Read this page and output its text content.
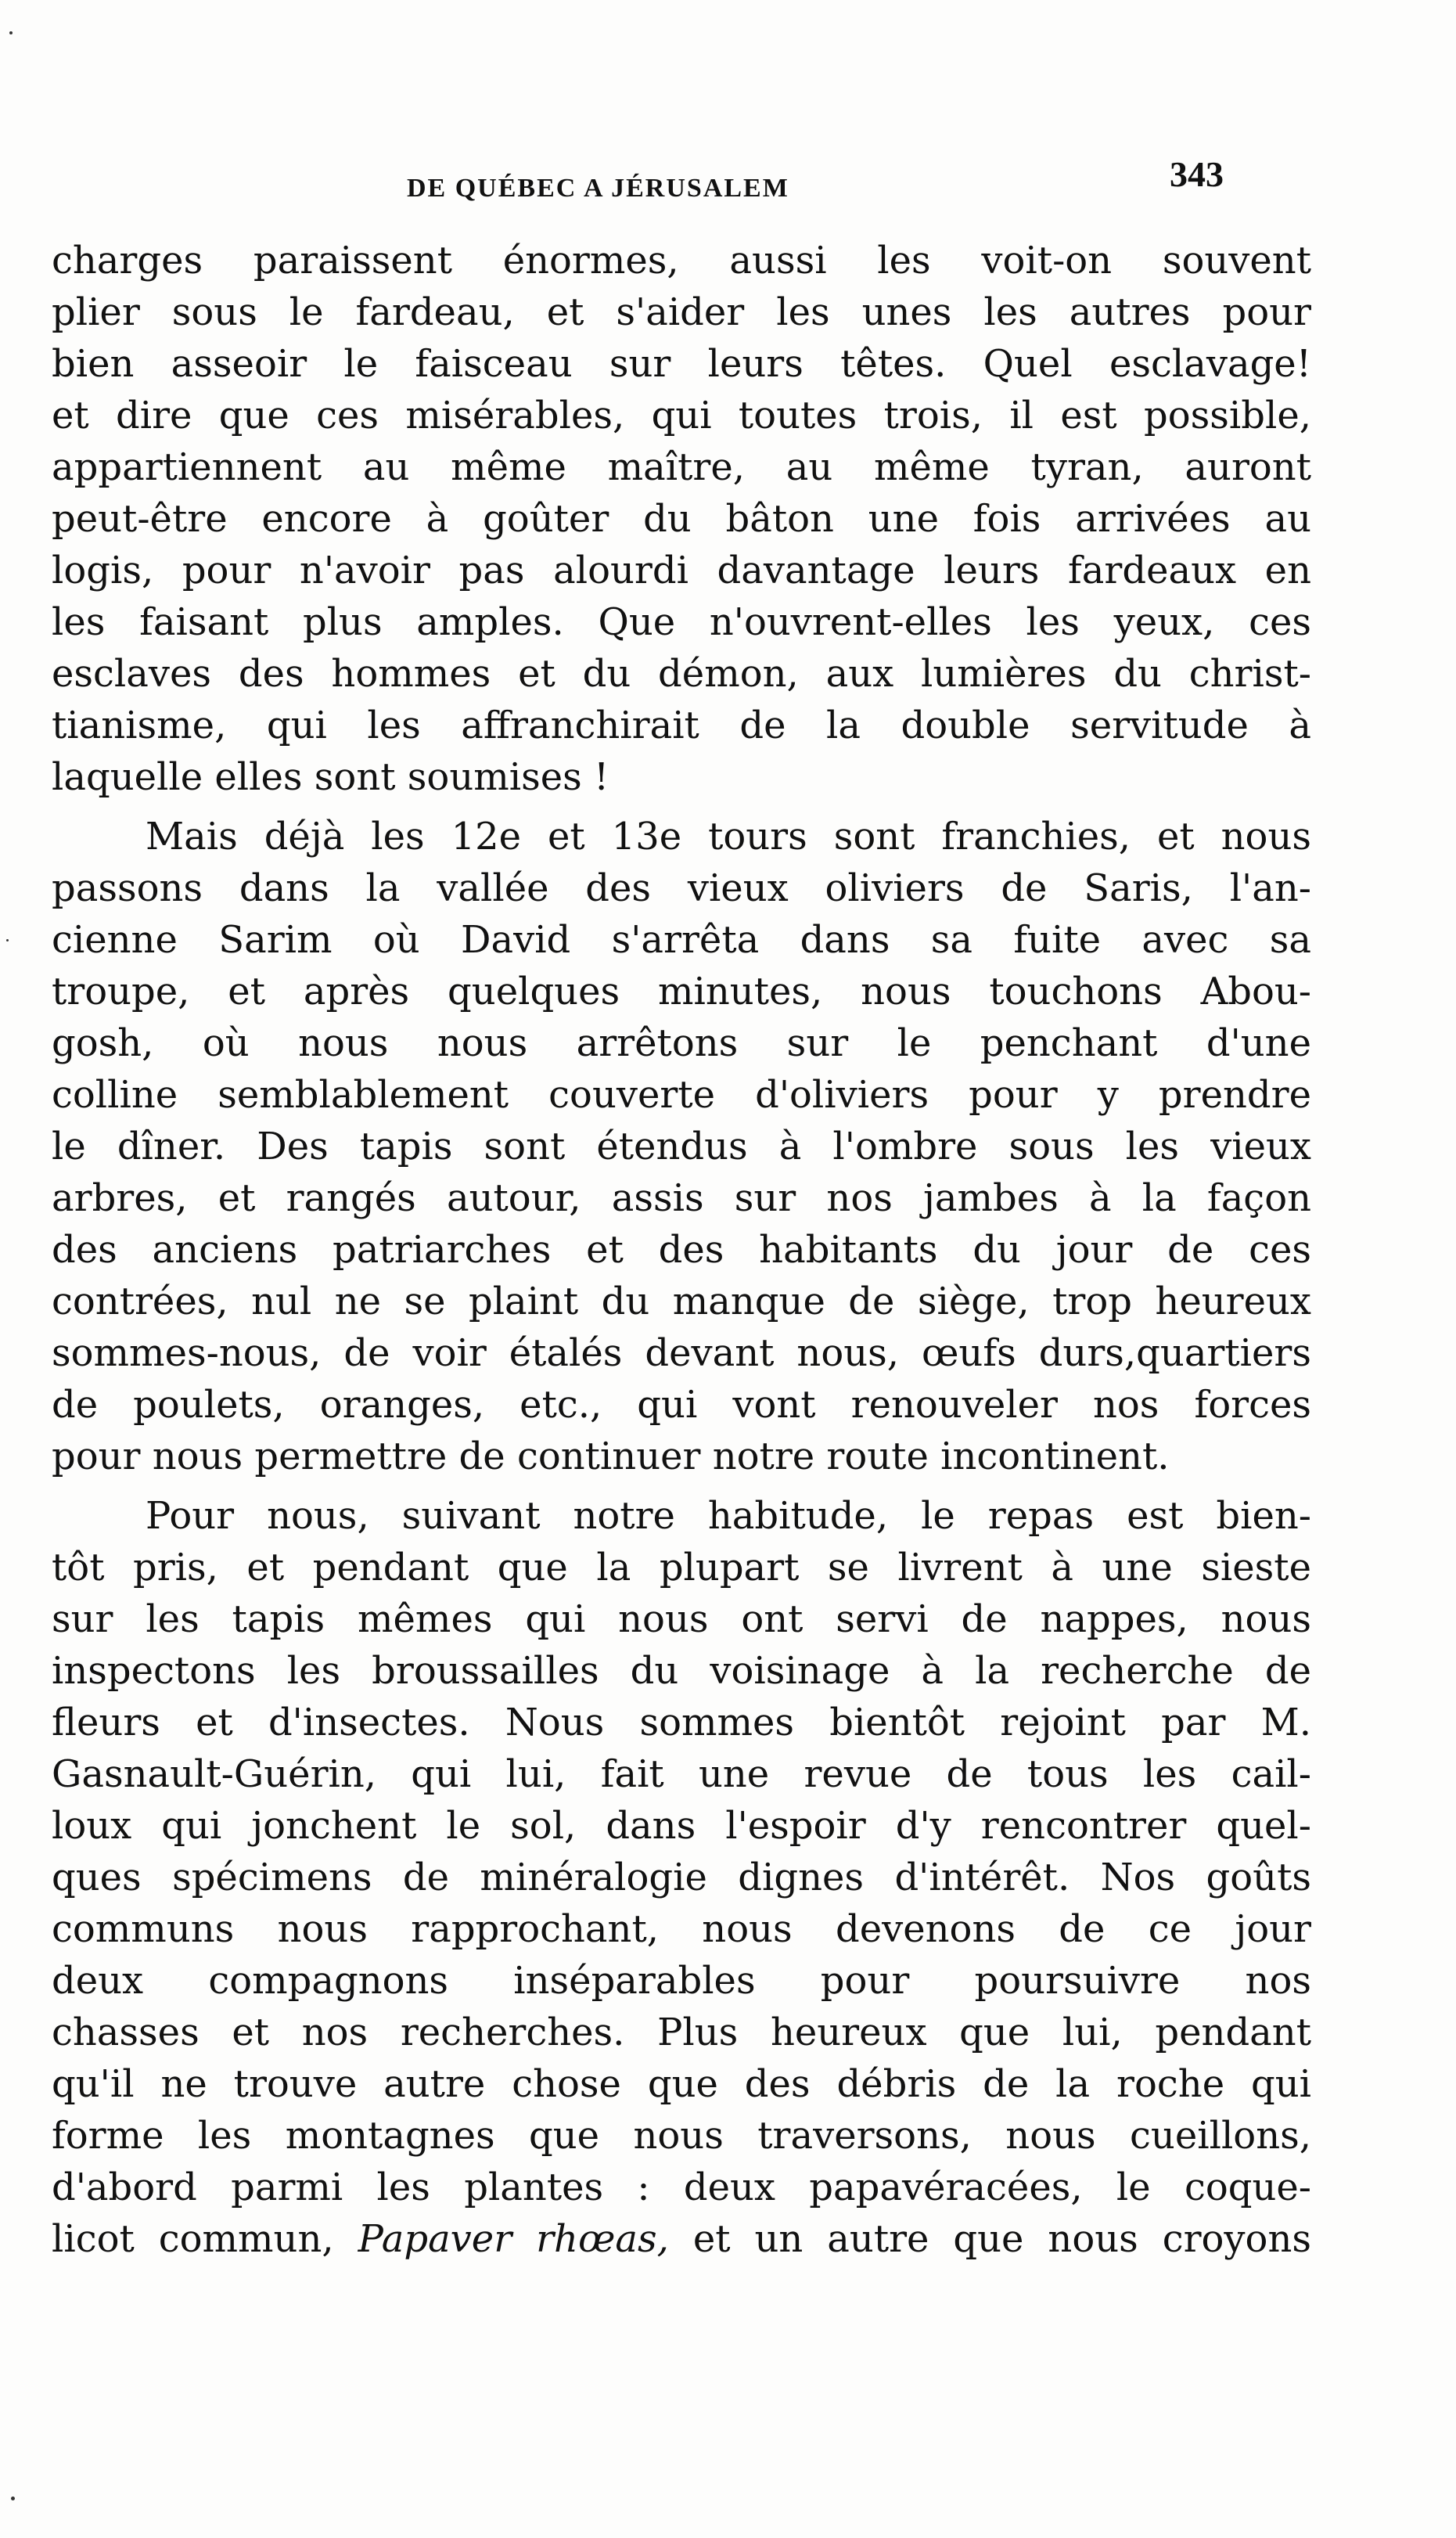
DE QUÉBEC A JÉRUSALEM	343
charges paraissent énormes, aussi les voit-on souvent
plier sous le fardeau, et s'aider les unes les autres pour
bien asseoir le faisceau sur leurs têtes. Quel esclavage!
et dire que ces misérables, qui toutes trois, il est possible,
appartiennent au même maître, au même tyran, auront
peut-être encore à goûter du bâton une fois arrivées au
logis, pour n'avoir pas alourdi davantage leurs fardeaux en
les faisant plus amples. Que n'ouvrent-elles les yeux, ces
esclaves des hommes et du démon, aux lumières du christ-
tianisme, qui les affranchirait de la double servitude à
laquelle elles sont soumises !
Mais déjà les 12e et 13e tours sont franchies, et nous
passons dans la vallée des vieux oliviers de Saris, l'an-
cienne Sarim où David s'arrêta dans sa fuite avec sa
troupe, et après quelques minutes, nous touchons Abou-
gosh, où nous nous arrêtons sur le penchant d'une
colline semblablement couverte d'oliviers pour y prendre
le dîner. Des tapis sont étendus à l'ombre sous les vieux
arbres, et rangés autour, assis sur nos jambes à la façon
des anciens patriarches et des habitants du jour de ces
contrées, nul ne se plaint du manque de siège, trop heureux
sommes-nous, de voir étalés devant nous, œufs durs,quartiers
de poulets, oranges, etc., qui vont renouveler nos forces
pour nous permettre de continuer notre route incontinent.
Pour nous, suivant notre habitude, le repas est bien-
tôt pris, et pendant que la plupart se livrent à une sieste
sur les tapis mêmes qui nous ont servi de nappes, nous
inspectons les broussailles du voisinage à la recherche de
fleurs et d'insectes. Nous sommes bientôt rejoint par M.
Gasnault-Guérin, qui lui, fait une revue de tous les cail-
loux qui jonchent le sol, dans l'espoir d'y rencontrer quel-
ques spécimens de minéralogie dignes d'intérêt. Nos goûts
communs nous rapprochant, nous devenons de ce jour
deux compagnons inséparables pour poursuivre nos
chasses et nos recherches. Plus heureux que lui, pendant
qu'il ne trouve autre chose que des débris de la roche qui
forme les montagnes que nous traversons, nous cueillons,
d'abord parmi les plantes : deux papavéracées, le coque-
licot commun, Papaver rhœas, et un autre que nous croyons
